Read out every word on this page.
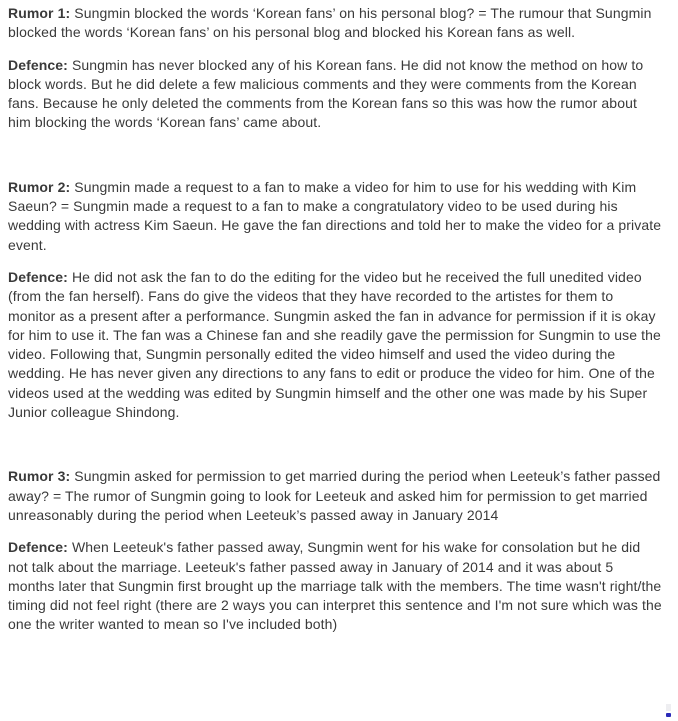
Rumor 1: Sungmin blocked the words ‘Korean fans’ on his personal blog? = The rumour that Sungmin blocked the words ‘Korean fans’ on his personal blog and blocked his Korean fans as well.

Defence: Sungmin has never blocked any of his Korean fans. He did not know the method on how to block words. But he did delete a few malicious comments and they were comments from the Korean fans. Because he only deleted the comments from the Korean fans so this was how the rumor about him blocking the words ‘Korean fans’ came about.

Rumor 2: Sungmin made a request to a fan to make a video for him to use for his wedding with Kim Saeun? = Sungmin made a request to a fan to make a congratulatory video to be used during his wedding with actress Kim Saeun. He gave the fan directions and told her to make the video for a private event.

Defence: He did not ask the fan to do the editing for the video but he received the full unedited video (from the fan herself). Fans do give the videos that they have recorded to the artistes for them to monitor as a present after a performance. Sungmin asked the fan in advance for permission if it is okay for him to use it. The fan was a Chinese fan and she readily gave the permission for Sungmin to use the video. Following that, Sungmin personally edited the video himself and used the video during the wedding. He has never given any directions to any fans to edit or produce the video for him. One of the videos used at the wedding was edited by Sungmin himself and the other one was made by his Super Junior colleague Shindong.

Rumor 3: Sungmin asked for permission to get married during the period when Leeteuk’s father passed away? = The rumor of Sungmin going to look for Leeteuk and asked him for permission to get married unreasonably during the period when Leeteuk’s passed away in January 2014

Defence: When Leeteuk's father passed away, Sungmin went for his wake for consolation but he did not talk about the marriage. Leeteuk's father passed away in January of 2014 and it was about 5 months later that Sungmin first brought up the marriage talk with the members. The time wasn't right/the timing did not feel right (there are 2 ways you can interpret this sentence and I'm not sure which was the one the writer wanted to mean so I've included both)
